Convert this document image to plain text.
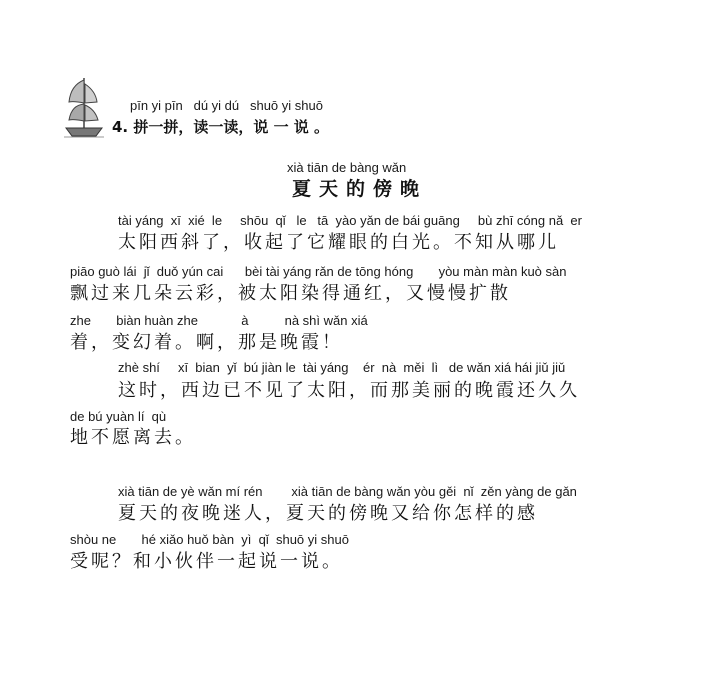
pīn yi pīn   dú yi dú   shuō yi shuō
4. 拼一拼，读一读，说 一 说 。
xià tiān de bàng wǎn
夏天的傍晚
tài yáng  xī  xié  le     shōu  qǐ   le   tā  yào yǎn de bái guāng     bù zhī cóng nǎ  er
太阳西斜了，收起了它耀眼的白光。不知从哪儿
piāo guò lái  jǐ  duǒ yún cai      bèi tài yáng rǎn de tōng hóng       yòu màn màn kuò sàn
飘过来几朵云彩，被太阳染得通红，又慢慢扩散
zhe       biàn huàn zhe            à          nà shì wǎn xiá
着，变幻着。啊，那是晚霞！
zhè shí     xī  bian  yǐ  bú jiàn le  tài yáng    ér  nà  měi  lì   de wǎn xiá hái jiǔ jiǔ
这时，西边已不见了太阳，而那美丽的晚霞还久久
de bú yuàn lí  qù
地不愿离去。
xià tiān de yè wǎn mí rén        xià tiān de bàng wǎn yòu gěi  nǐ  zěn yàng de gǎn
夏天的夜晚迷人，夏天的傍晚又给你怎样的感
shòu ne       hé xiǎo huǒ bàn  yì  qǐ  shuō yi shuō
受呢？和小伙伴一起说一说。
